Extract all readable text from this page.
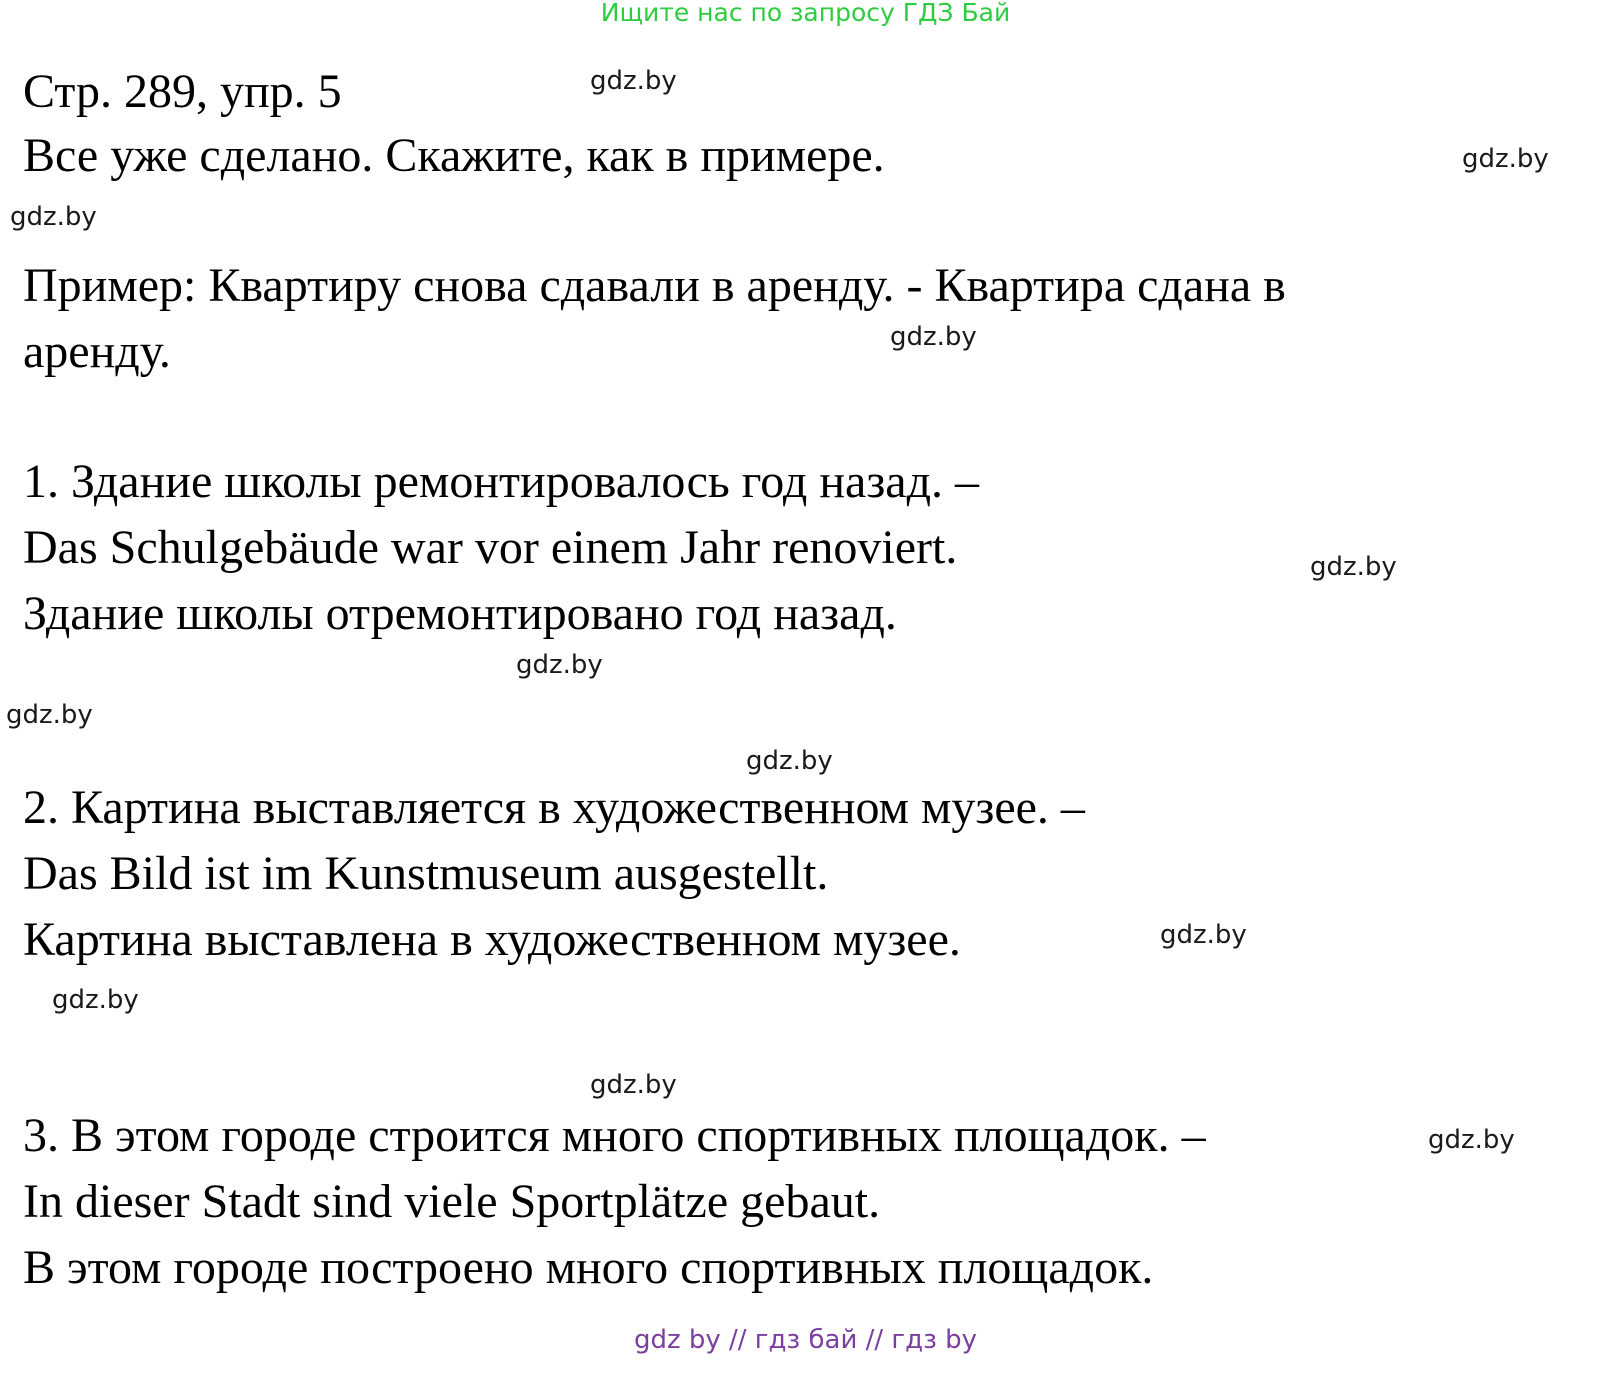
Ищите нас по запросу ГДЗ Бай
Стр. 289, упр. 5
Все уже сделано. Скажите, как в примере.
Пример: Квартиру снова сдавали в аренду. - Квартира сдана в
аренду.
1. Здание школы ремонтировалось год назад. –
Das Schulgebäude war vor einem Jahr renoviert.
Здание школы отремонтировано год назад.
2. Картина выставляется в художественном музее. –
Das Bild ist im Kunstmuseum ausgestellt.
Картина выставлена в художественном музее.
3. В этом городе строится много спортивных площадок. –
In dieser Stadt sind viele Sportplätze gebaut.
В этом городе построено много спортивных площадок.
gdz.by
gdz.by
gdz.by
gdz.by
gdz.by
gdz.by
gdz.by
gdz.by
gdz.by
gdz.by
gdz.by
gdz.by
gdz by // гдз бай // гдз by
